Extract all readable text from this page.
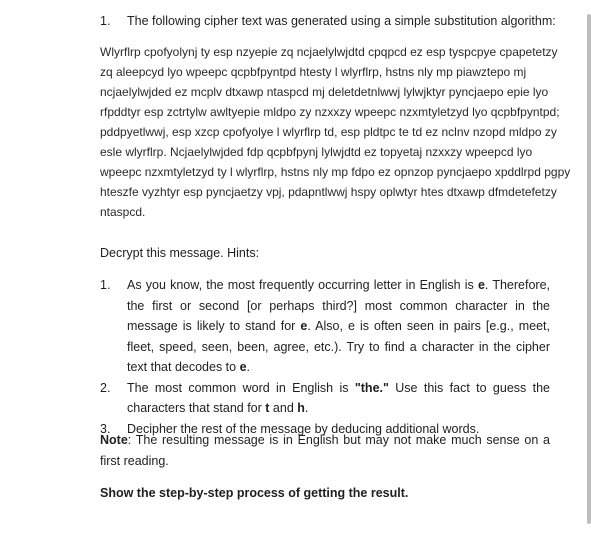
1. The following cipher text was generated using a simple substitution algorithm:
Wlyrflrp cpofyolynj ty esp nzyepie zq ncjaelylwjdtd cpqpcd ez esp tyspcpye cpapetetzy
zq aleepcyd lyo wpeepc qcpbfpyntpd htesty l wlyrflrp, hstns nly mp piawztepo mj
ncjaelylwjded ez mcplv dtxawp ntaspcd mj deletdetnlwwj lylwjktyr pyncjaepo epie lyo
rfpddtyr esp zctrtylw awltyepie mldpo zy nzxxzy wpeepc nzxmtyletzyd lyo qcpbfpyntpd;
pddpyetlwwj, esp xzcp cpofyolye l wlyrflrp td, esp pldtpc te td ez nclnv nzopd mldpo zy
esle wlyrflrp. Ncjaelylwjded fdp qcpbfpynj lylwjdtd ez topyetaj nzxxzy wpeepcd lyo
wpeepc nzxmtyletzyd ty l wlyrflrp, hstns nly mp fdpo ez opnzop pyncjaepo xpddlrpd pgpy
hteszfe vyzhtyr esp pyncjaetzy vpj, pdapntlwwj hspy oplwtyr htes dtxawp dfmdetefetzy
ntaspcd.
Decrypt this message. Hints:
1. As you know, the most frequently occurring letter in English is e. Therefore, the first or second [or perhaps third?] most common character in the message is likely to stand for e. Also, e is often seen in pairs [e.g., meet, fleet, speed, seen, been, agree, etc.). Try to find a character in the cipher text that decodes to e.
2. The most common word in English is "the." Use this fact to guess the characters that stand for t and h.
3. Decipher the rest of the message by deducing additional words.
Note: The resulting message is in English but may not make much sense on a first reading.
Show the step-by-step process of getting the result.
